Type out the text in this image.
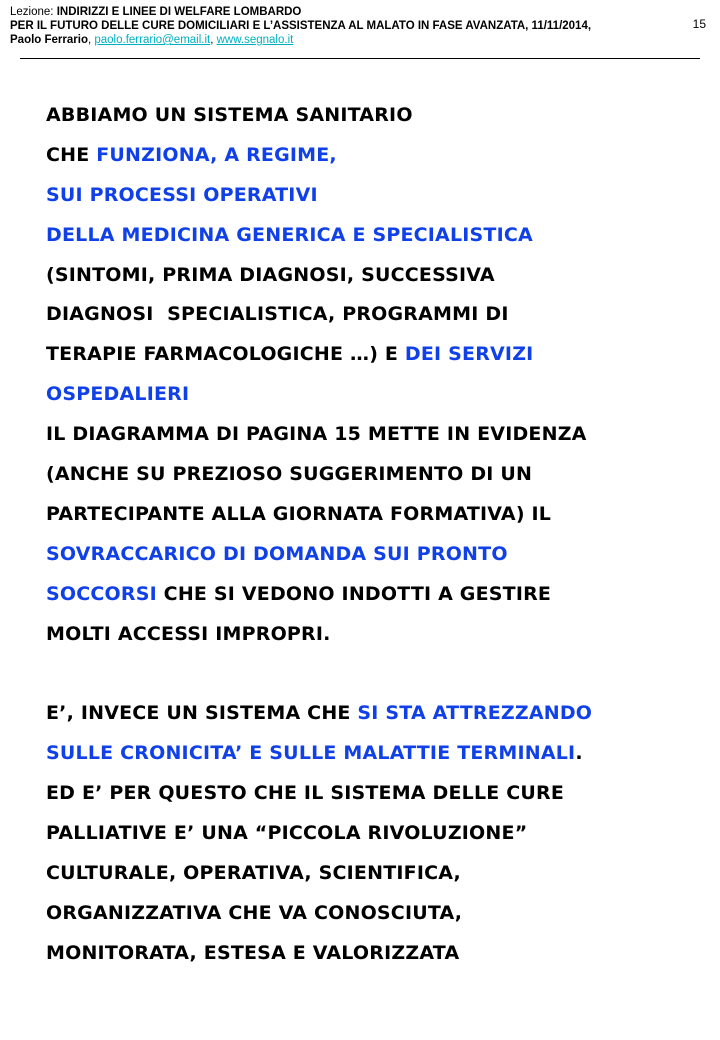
Lezione: INDIRIZZI E LINEE DI WELFARE LOMBARDO
PER IL FUTURO DELLE CURE DOMICILIARI E L’ASSISTENZA AL MALATO IN FASE AVANZATA, 11/11/2014,
Paolo Ferrario, paolo.ferrario@email.it, www.segnalo.it
15
ABBIAMO UN SISTEMA SANITARIO
CHE FUNZIONA, A REGIME,
SUI PROCESSI OPERATIVI
DELLA MEDICINA GENERICA E SPECIALISTICA
(SINTOMI, PRIMA DIAGNOSI, SUCCESSIVA
DIAGNOSI  SPECIALISTICA, PROGRAMMI DI
TERAPIE FARMACOLOGICHE …) E DEI SERVIZI
OSPEDALIERI
IL DIAGRAMMA DI PAGINA 15 METTE IN EVIDENZA
(ANCHE SU PREZIOSO SUGGERIMENTO DI UN
PARTECIPANTE ALLA GIORNATA FORMATIVA) IL
SOVRACCARICO DI DOMANDA SUI PRONTO
SOCCORSI CHE SI VEDONO INDOTTI A GESTIRE
MOLTI ACCESSI IMPROPRI.
E’, INVECE UN SISTEMA CHE SI STA ATTREZZANDO
SULLE CRONICITA’ E SULLE MALATTIE TERMINALI.
ED E’ PER QUESTO CHE IL SISTEMA DELLE CURE
PALLIATIVE E’ UNA “PICCOLA RIVOLUZIONE”
CULTURALE, OPERATIVA, SCIENTIFICA,
ORGANIZZATIVA CHE VA CONOSCIUTA,
MONITORATA, ESTESA E VALORIZZATA
